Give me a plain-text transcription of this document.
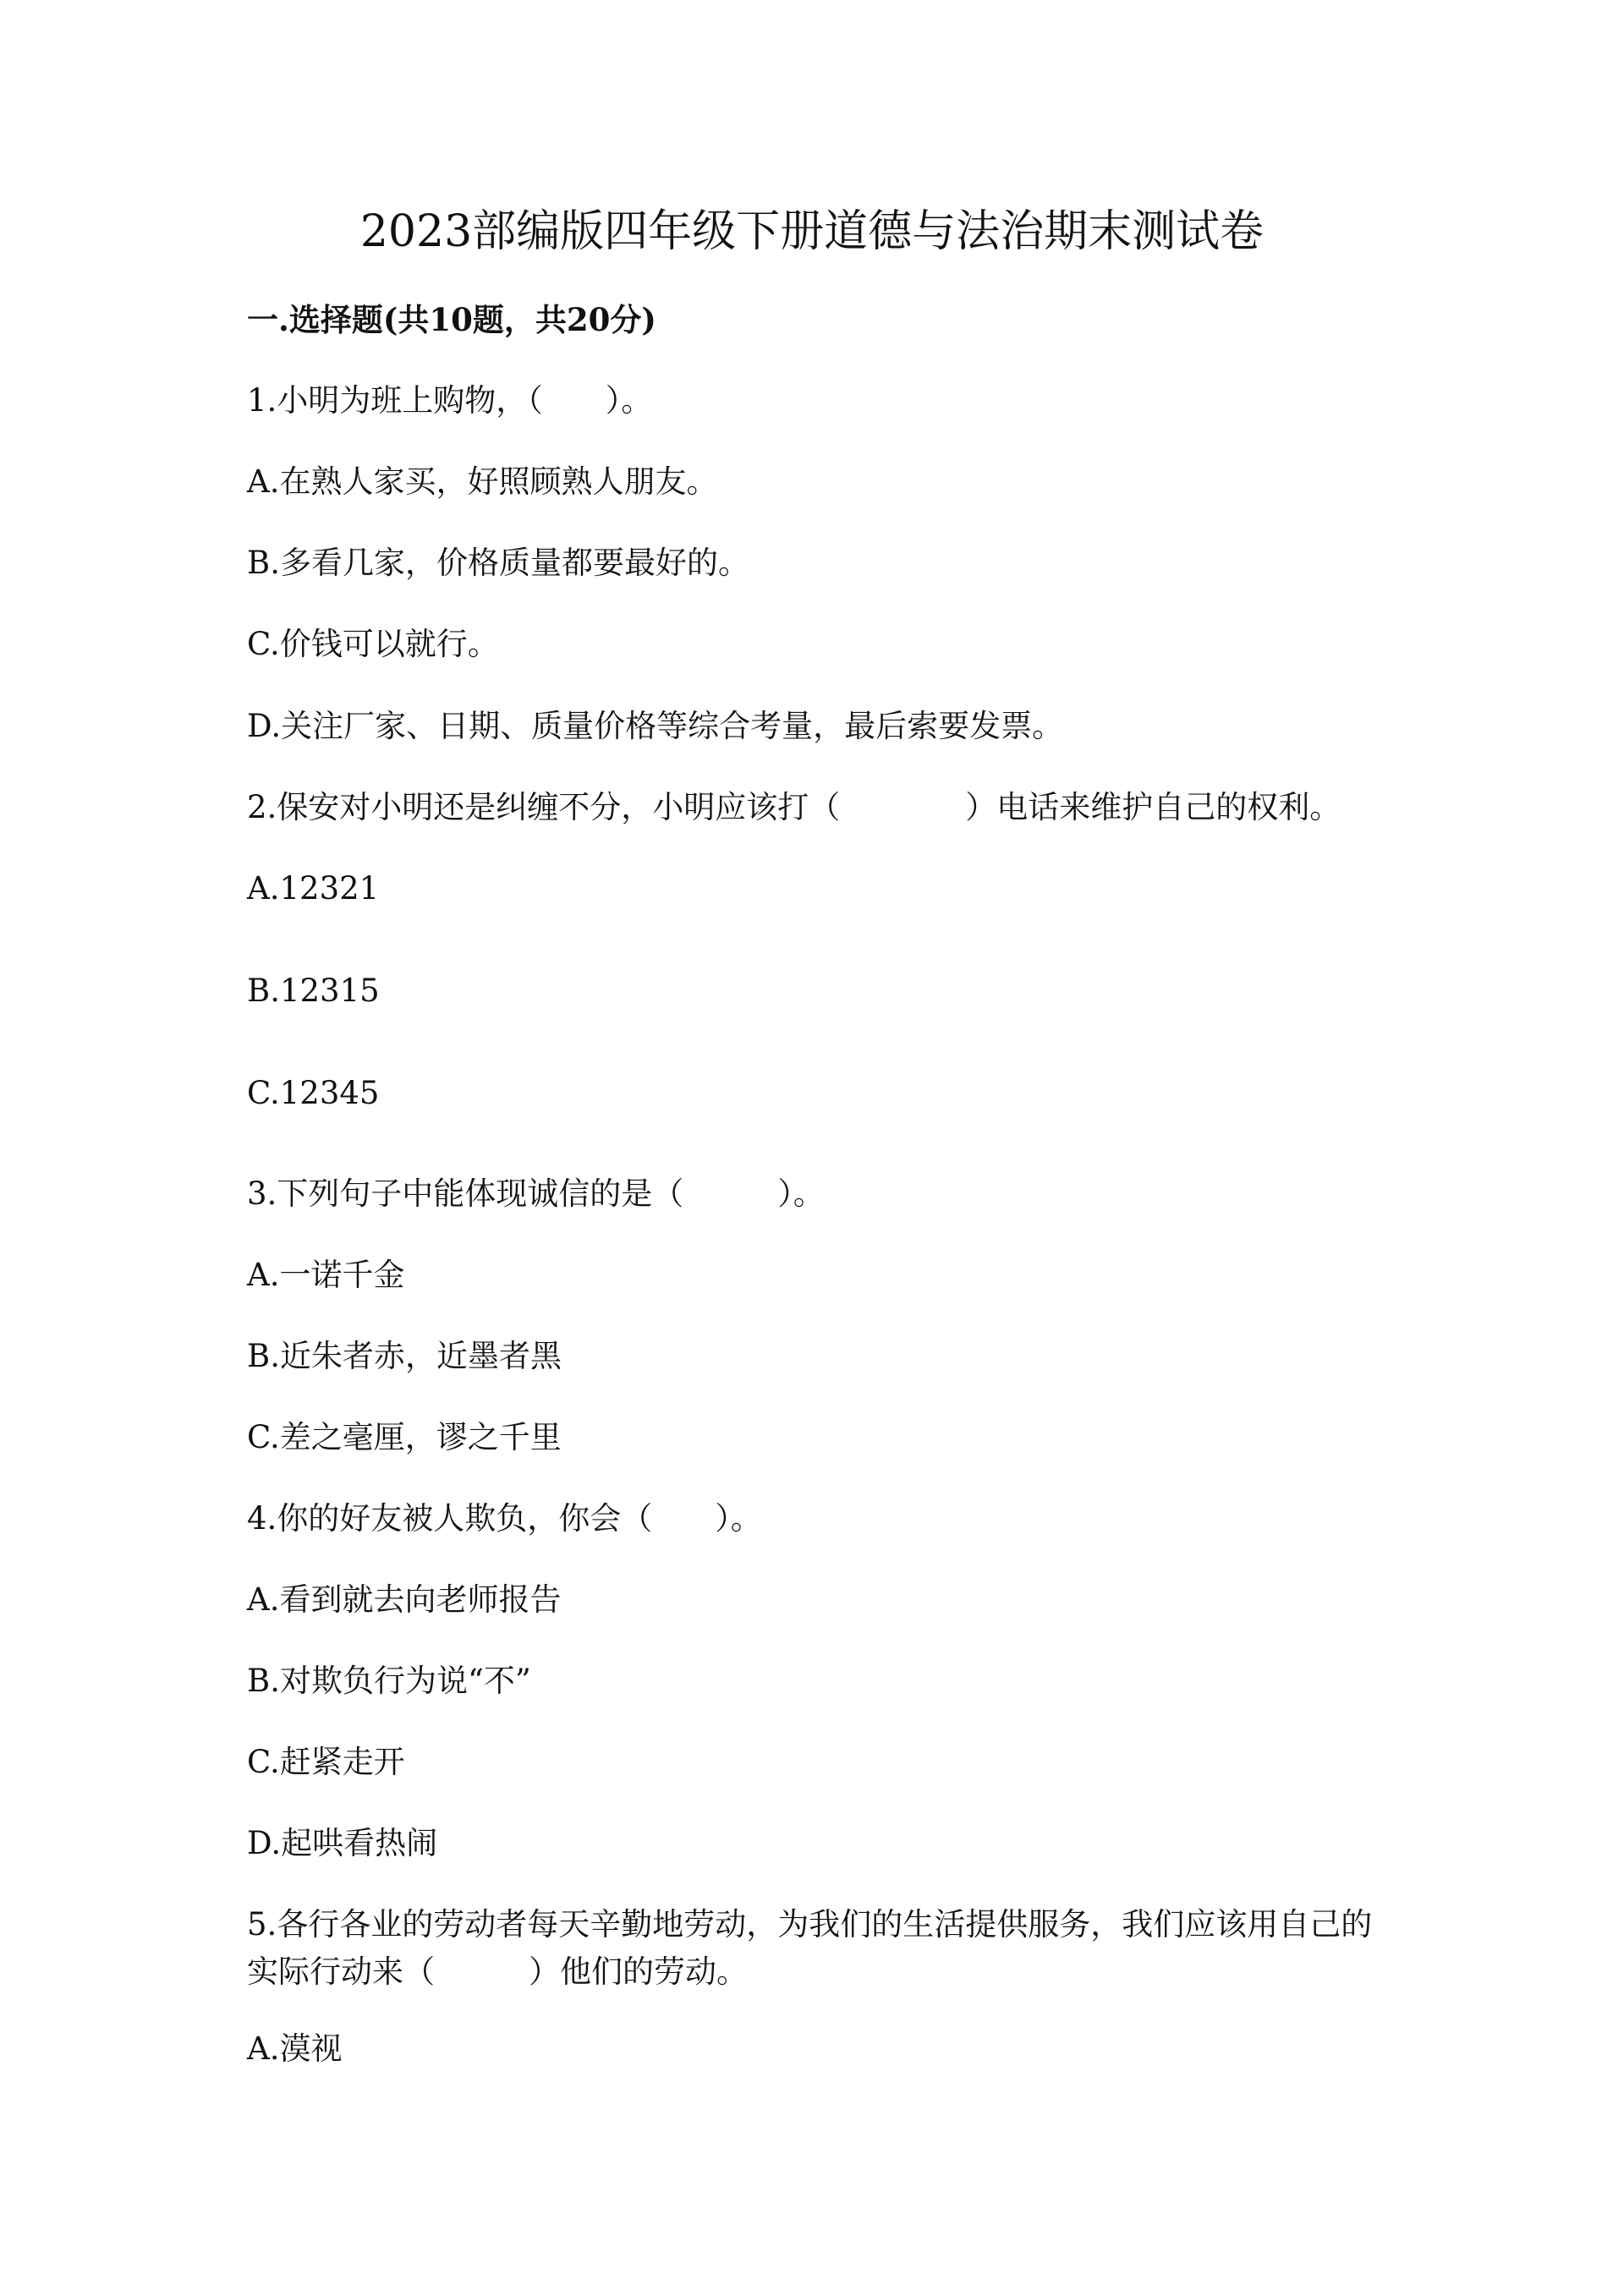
2023部编版四年级下册道德与法治期末测试卷
一.选择题(共10题，共20分)
1.小明为班上购物，（　　）。
A.在熟人家买，好照顾熟人朋友。
B.多看几家，价格质量都要最好的。
C.价钱可以就行。
D.关注厂家、日期、质量价格等综合考量，最后索要发票。
2.保安对小明还是纠缠不分，小明应该打（　　　　）电话来维护自己的权利。
A.12321
B.12315
C.12345
3.下列句子中能体现诚信的是（　　　）。
A.一诺千金
B.近朱者赤，近墨者黑
C.差之毫厘，谬之千里
4.你的好友被人欺负，你会（　　）。
A.看到就去向老师报告
B.对欺负行为说“不”
C.赶紧走开
D.起哄看热闹
5.各行各业的劳动者每天辛勤地劳动，为我们的生活提供服务，我们应该用自己的实际行动来（　　　）他们的劳动。
A.漠视
